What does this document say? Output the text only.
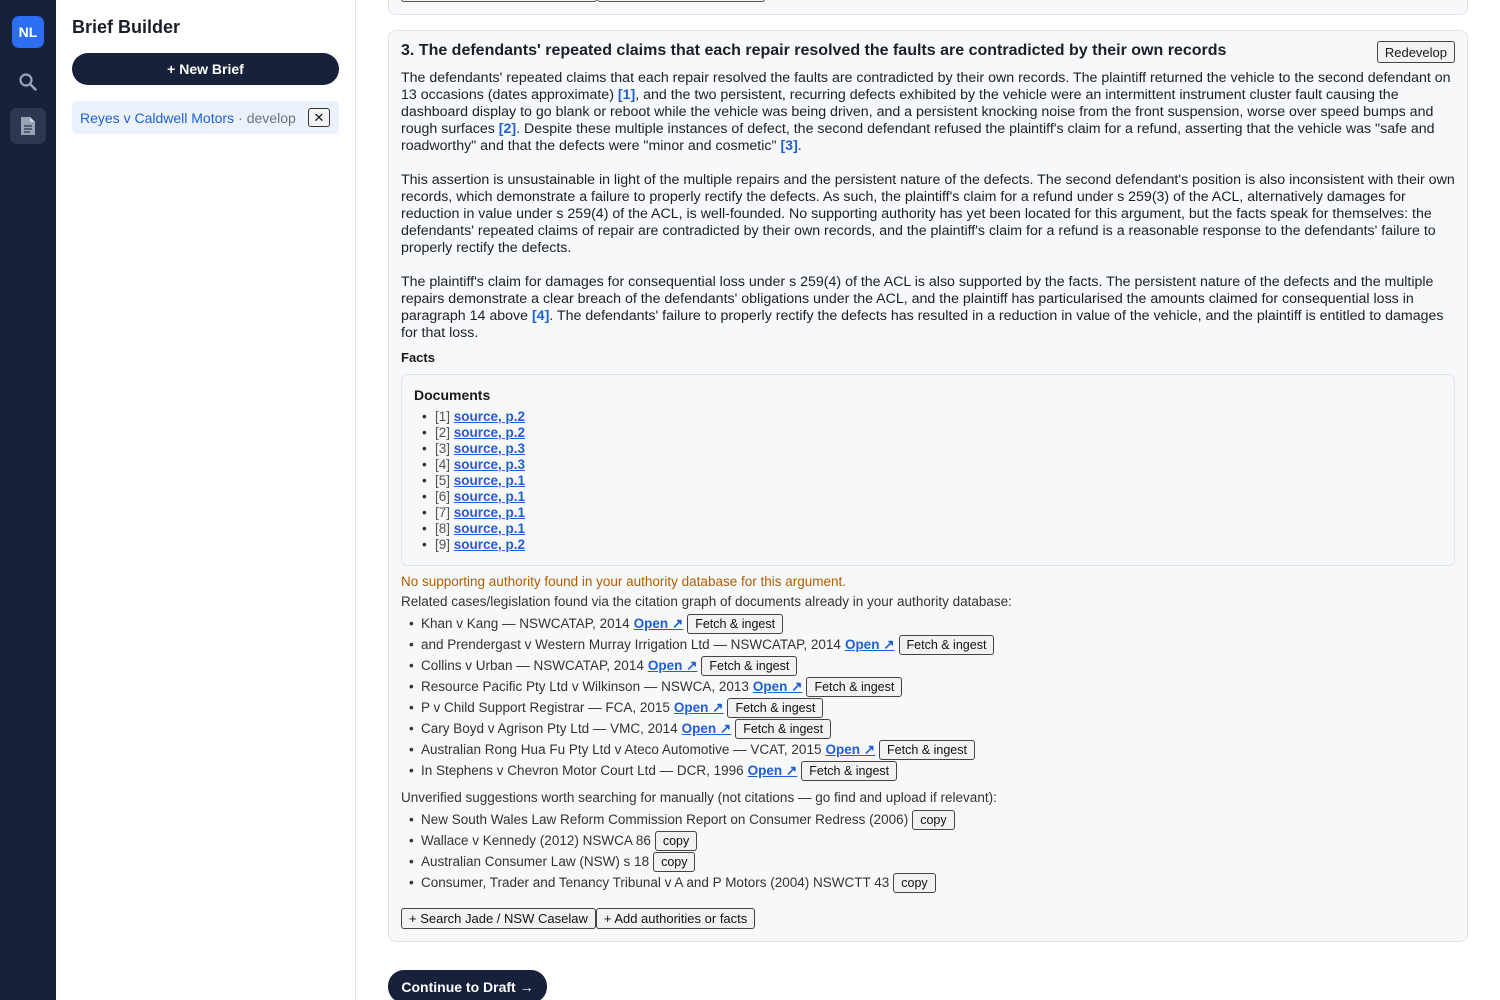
NL	Brief Builder
+ New Brief
Reyes v Caldwell Motors · develop	✕
3. The defendants' repeated claims that each repair resolved the faults are contradicted by their own records	Redevelop

The defendants' repeated claims that each repair resolved the faults are contradicted by their own records. The plaintiff returned the vehicle to the second defendant on 13 occasions (dates approximate) [1], and the two persistent, recurring defects exhibited by the vehicle were an intermittent instrument cluster fault causing the dashboard display to go blank or reboot while the vehicle was being driven, and a persistent knocking noise from the front suspension, worse over speed bumps and rough surfaces [2]. Despite these multiple instances of defect, the second defendant refused the plaintiff's claim for a refund, asserting that the vehicle was "safe and roadworthy" and that the defects were "minor and cosmetic" [3].

This assertion is unsustainable in light of the multiple repairs and the persistent nature of the defects. The second defendant's position is also inconsistent with their own records, which demonstrate a failure to properly rectify the defects. As such, the plaintiff's claim for a refund under s 259(3) of the ACL, alternatively damages for reduction in value under s 259(4) of the ACL, is well-founded. No supporting authority has yet been located for this argument, but the facts speak for themselves: the defendants' repeated claims of repair are contradicted by their own records, and the plaintiff's claim for a refund is a reasonable response to the defendants' failure to properly rectify the defects.

The plaintiff's claim for damages for consequential loss under s 259(4) of the ACL is also supported by the facts. The persistent nature of the defects and the multiple repairs demonstrate a clear breach of the defendants' obligations under the ACL, and the plaintiff has particularised the amounts claimed for consequential loss in paragraph 14 above [4]. The defendants' failure to properly rectify the defects has resulted in a reduction in value of the vehicle, and the plaintiff is entitled to damages for that loss.

Facts
Documents
• [1] source, p.2
• [2] source, p.2
• [3] source, p.3
• [4] source, p.3
• [5] source, p.1
• [6] source, p.1
• [7] source, p.1
• [8] source, p.1
• [9] source, p.2
No supporting authority found in your authority database for this argument.
Related cases/legislation found via the citation graph of documents already in your authority database:
• Khan v Kang — NSWCATAP, 2014 Open ↗ Fetch & ingest
• and Prendergast v Western Murray Irrigation Ltd — NSWCATAP, 2014 Open ↗ Fetch & ingest
• Collins v Urban — NSWCATAP, 2014 Open ↗ Fetch & ingest
• Resource Pacific Pty Ltd v Wilkinson — NSWCA, 2013 Open ↗ Fetch & ingest
• P v Child Support Registrar — FCA, 2015 Open ↗ Fetch & ingest
• Cary Boyd v Agrison Pty Ltd — VMC, 2014 Open ↗ Fetch & ingest
• Australian Rong Hua Fu Pty Ltd v Ateco Automotive — VCAT, 2015 Open ↗ Fetch & ingest
• In Stephens v Chevron Motor Court Ltd — DCR, 1996 Open ↗ Fetch & ingest
Unverified suggestions worth searching for manually (not citations — go find and upload if relevant):
• New South Wales Law Reform Commission Report on Consumer Redress (2006) copy
• Wallace v Kennedy (2012) NSWCA 86 copy
• Australian Consumer Law (NSW) s 18 copy
• Consumer, Trader and Tenancy Tribunal v A and P Motors (2004) NSWCTT 43 copy
+ Search Jade / NSW Caselaw	+ Add authorities or facts
Continue to Draft →
